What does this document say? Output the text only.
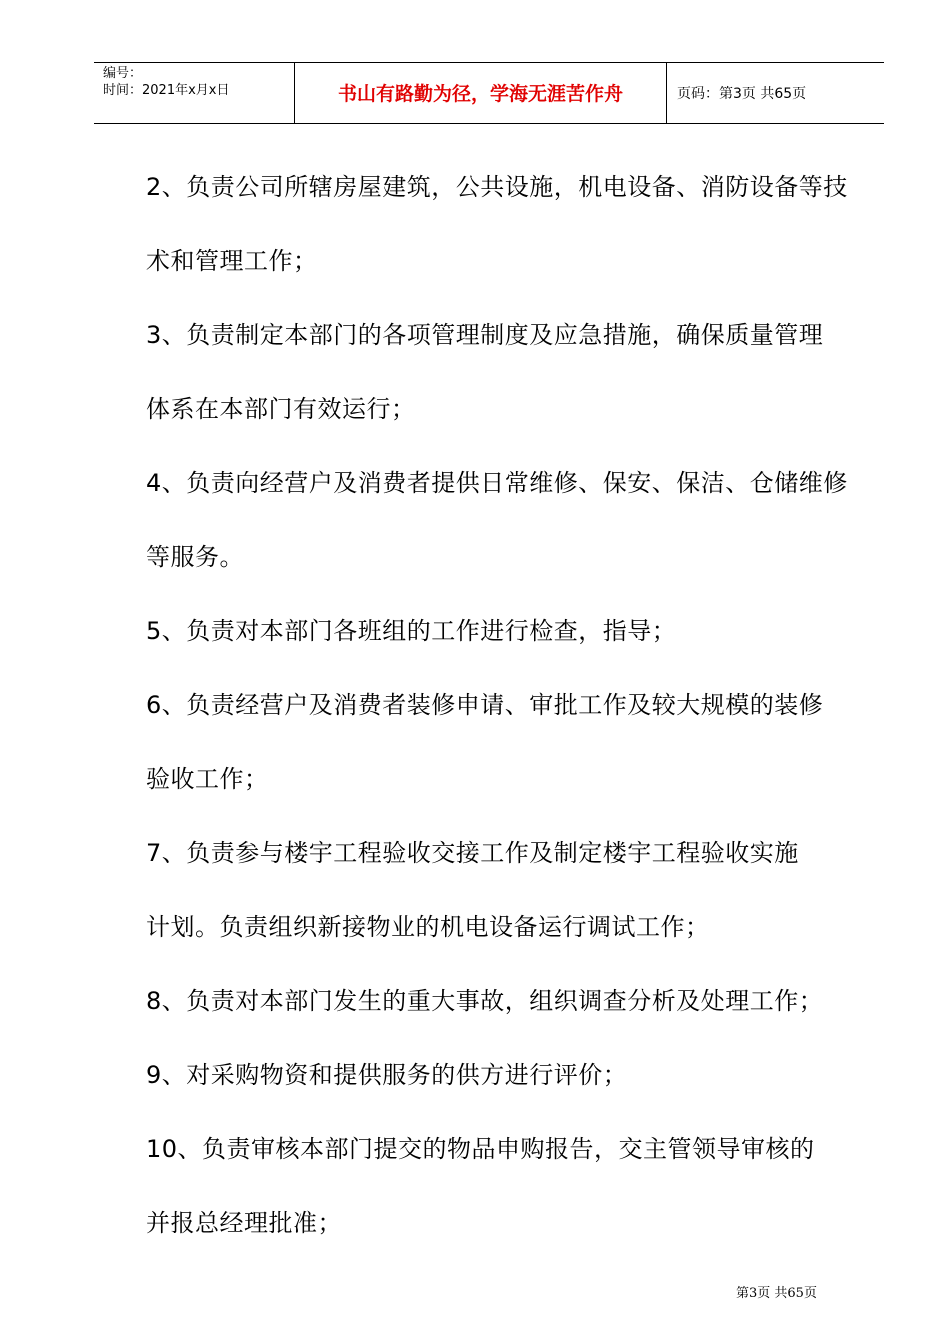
编号：
时间：2021年x月x日	书山有路勤为径，学海无涯苦作舟	页码：第3页 共65页
2、负责公司所辖房屋建筑，公共设施，机电设备、消防设备等技
术和管理工作；
3、负责制定本部门的各项管理制度及应急措施，确保质量管理
体系在本部门有效运行；
4、负责向经营户及消费者提供日常维修、保安、保洁、仓储维修
等服务。
5、负责对本部门各班组的工作进行检查，指导；
6、负责经营户及消费者装修申请、审批工作及较大规模的装修
验收工作；
7、负责参与楼宇工程验收交接工作及制定楼宇工程验收实施
计划。负责组织新接物业的机电设备运行调试工作；
8、负责对本部门发生的重大事故，组织调查分析及处理工作；
9、对采购物资和提供服务的供方进行评价；
10、负责审核本部门提交的物品申购报告，交主管领导审核的
并报总经理批准；
第3页 共65页
